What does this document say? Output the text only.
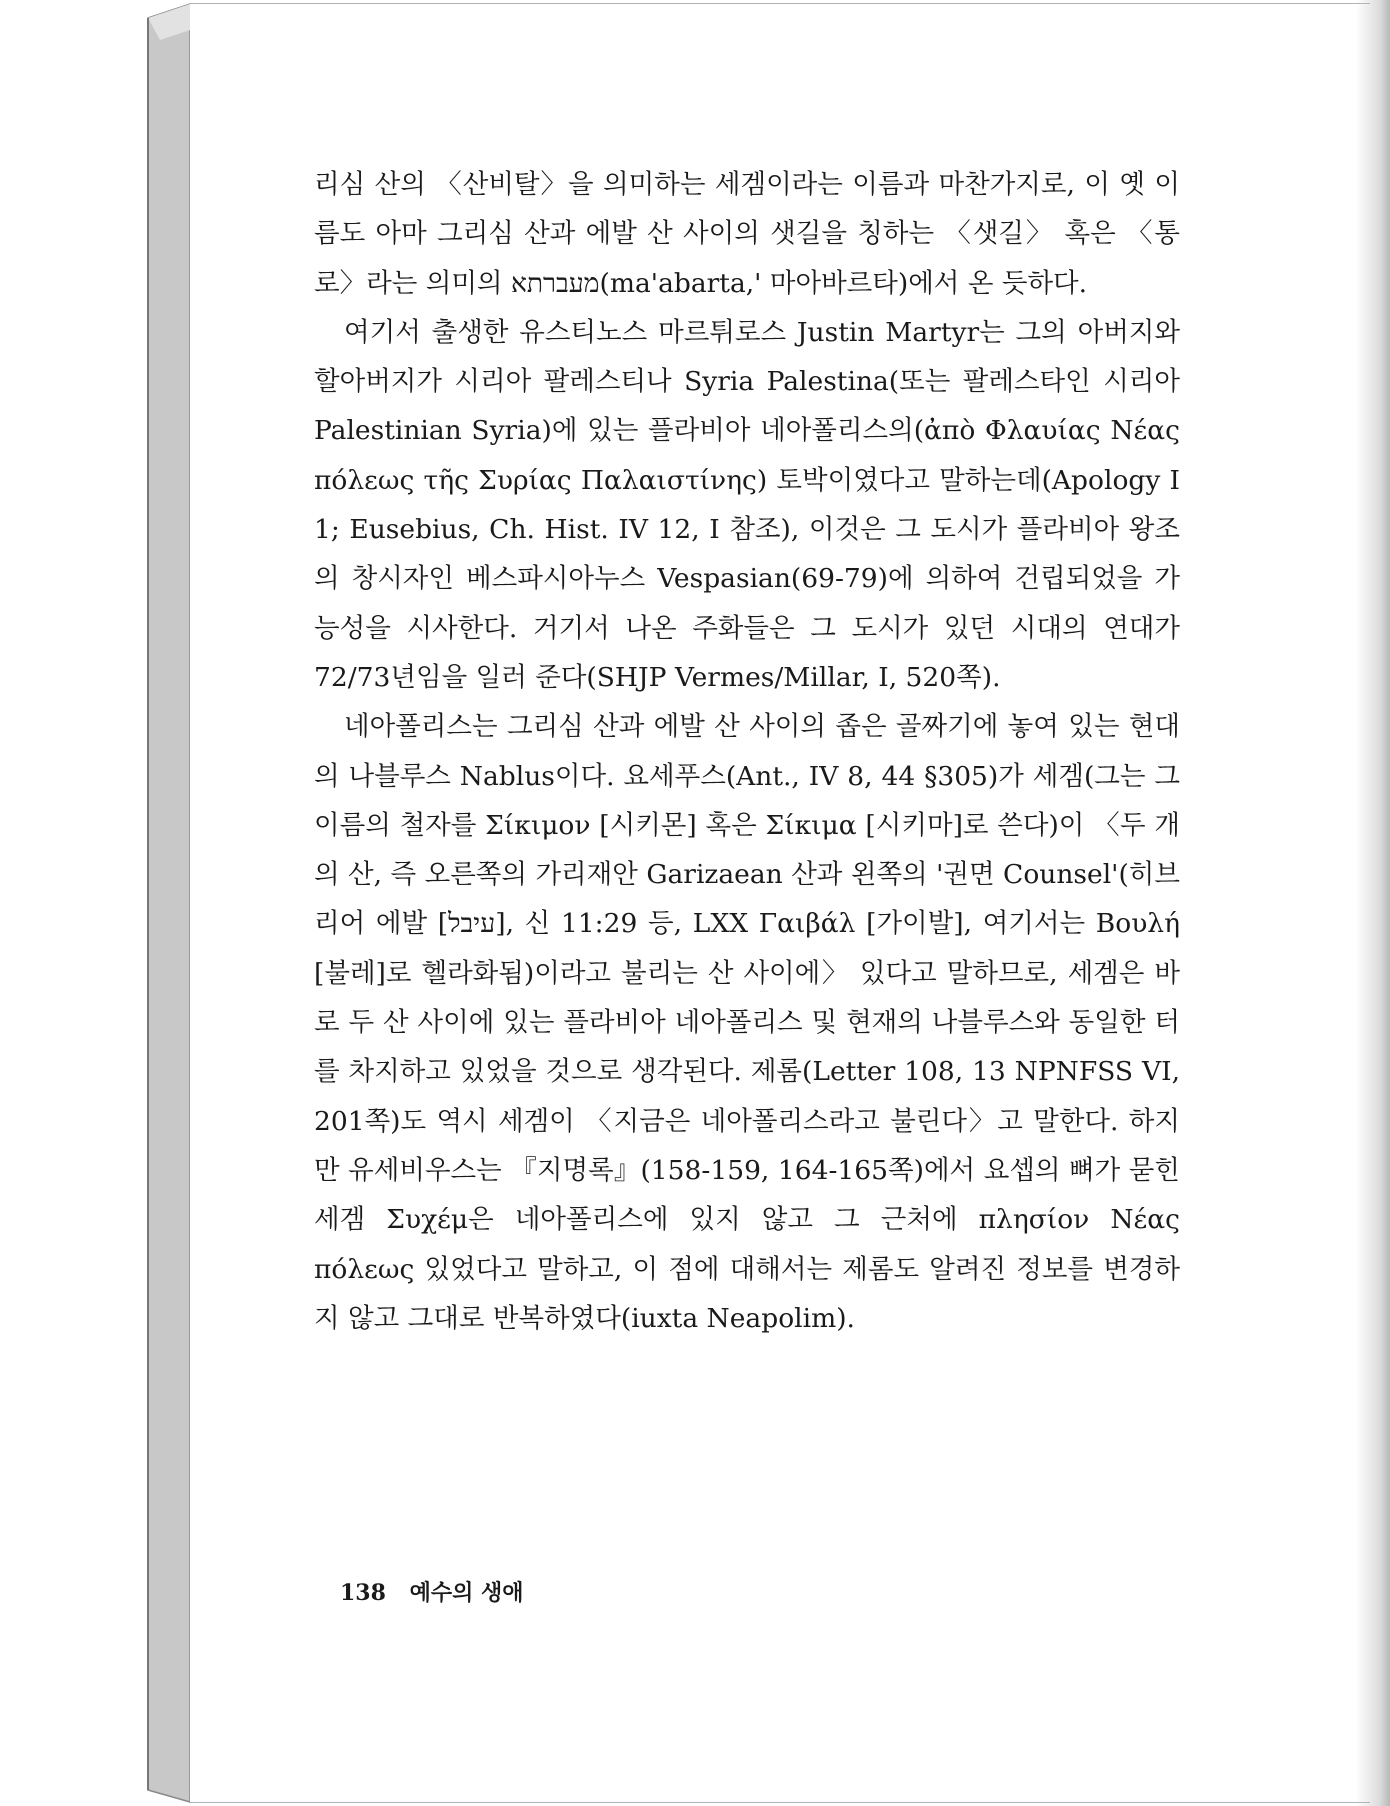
리심 산의 〈산비탈〉을 의미하는 세겜이라는 이름과 마찬가지로, 이 옛 이름도 아마 그리심 산과 에발 산 사이의 샛길을 칭하는 〈샛길〉 혹은 〈통로〉라는 의미의 מעברתא(ma'abarta,' 마아바르타)에서 온 듯하다.

여기서 출생한 유스티노스 마르튀로스 Justin Martyr는 그의 아버지와 할아버지가 시리아 팔레스티나 Syria Palestina(또는 팔레스타인 시리아 Palestinian Syria)에 있는 플라비아 네아폴리스의(ἀπὸ Φλαυίας Νέας πόλεως τῆς Συρίας Παλαιστίνης) 토박이였다고 말하는데(Apology I 1; Eusebius, Ch. Hist. IV 12, I 참조), 이것은 그 도시가 플라비아 왕조의 창시자인 베스파시아누스 Vespasian(69-79)에 의하여 건립되었을 가능성을 시사한다. 거기서 나온 주화들은 그 도시가 있던 시대의 연대가 72/73년임을 일러 준다(SHJP Vermes/Millar, I, 520쪽).

네아폴리스는 그리심 산과 에발 산 사이의 좁은 골짜기에 놓여 있는 현대의 나블루스 Nablus이다. 요세푸스(Ant., IV 8, 44 §305)가 세겜(그는 그 이름의 철자를 Σίκιμον [시키몬] 혹은 Σίκιμα [시키마]로 쓴다)이 〈두 개의 산, 즉 오른쪽의 가리재안 Garizaean 산과 왼쪽의 '권면 Counsel'(히브리어 에발 [עיבל], 신 11:29 등, LXX Γαιβάλ [가이발], 여기서는 Βουλή [불레]로 헬라화됨)이라고 불리는 산 사이에〉 있다고 말하므로, 세겜은 바로 두 산 사이에 있는 플라비아 네아폴리스 및 현재의 나블루스와 동일한 터를 차지하고 있었을 것으로 생각된다. 제롬(Letter 108, 13 NPNFSS VI, 201쪽)도 역시 세겜이 〈지금은 네아폴리스라고 불린다〉고 말한다. 하지만 유세비우스는 『지명록』(158-159, 164-165쪽)에서 요셉의 뼈가 묻힌 세겜 Συχέμ은 네아폴리스에 있지 않고 그 근처에 πλησίον Νέας πόλεως 있었다고 말하고, 이 점에 대해서는 제롬도 알려진 정보를 변경하지 않고 그대로 반복하였다(iuxta Neapolim).

138 예수의 생애
